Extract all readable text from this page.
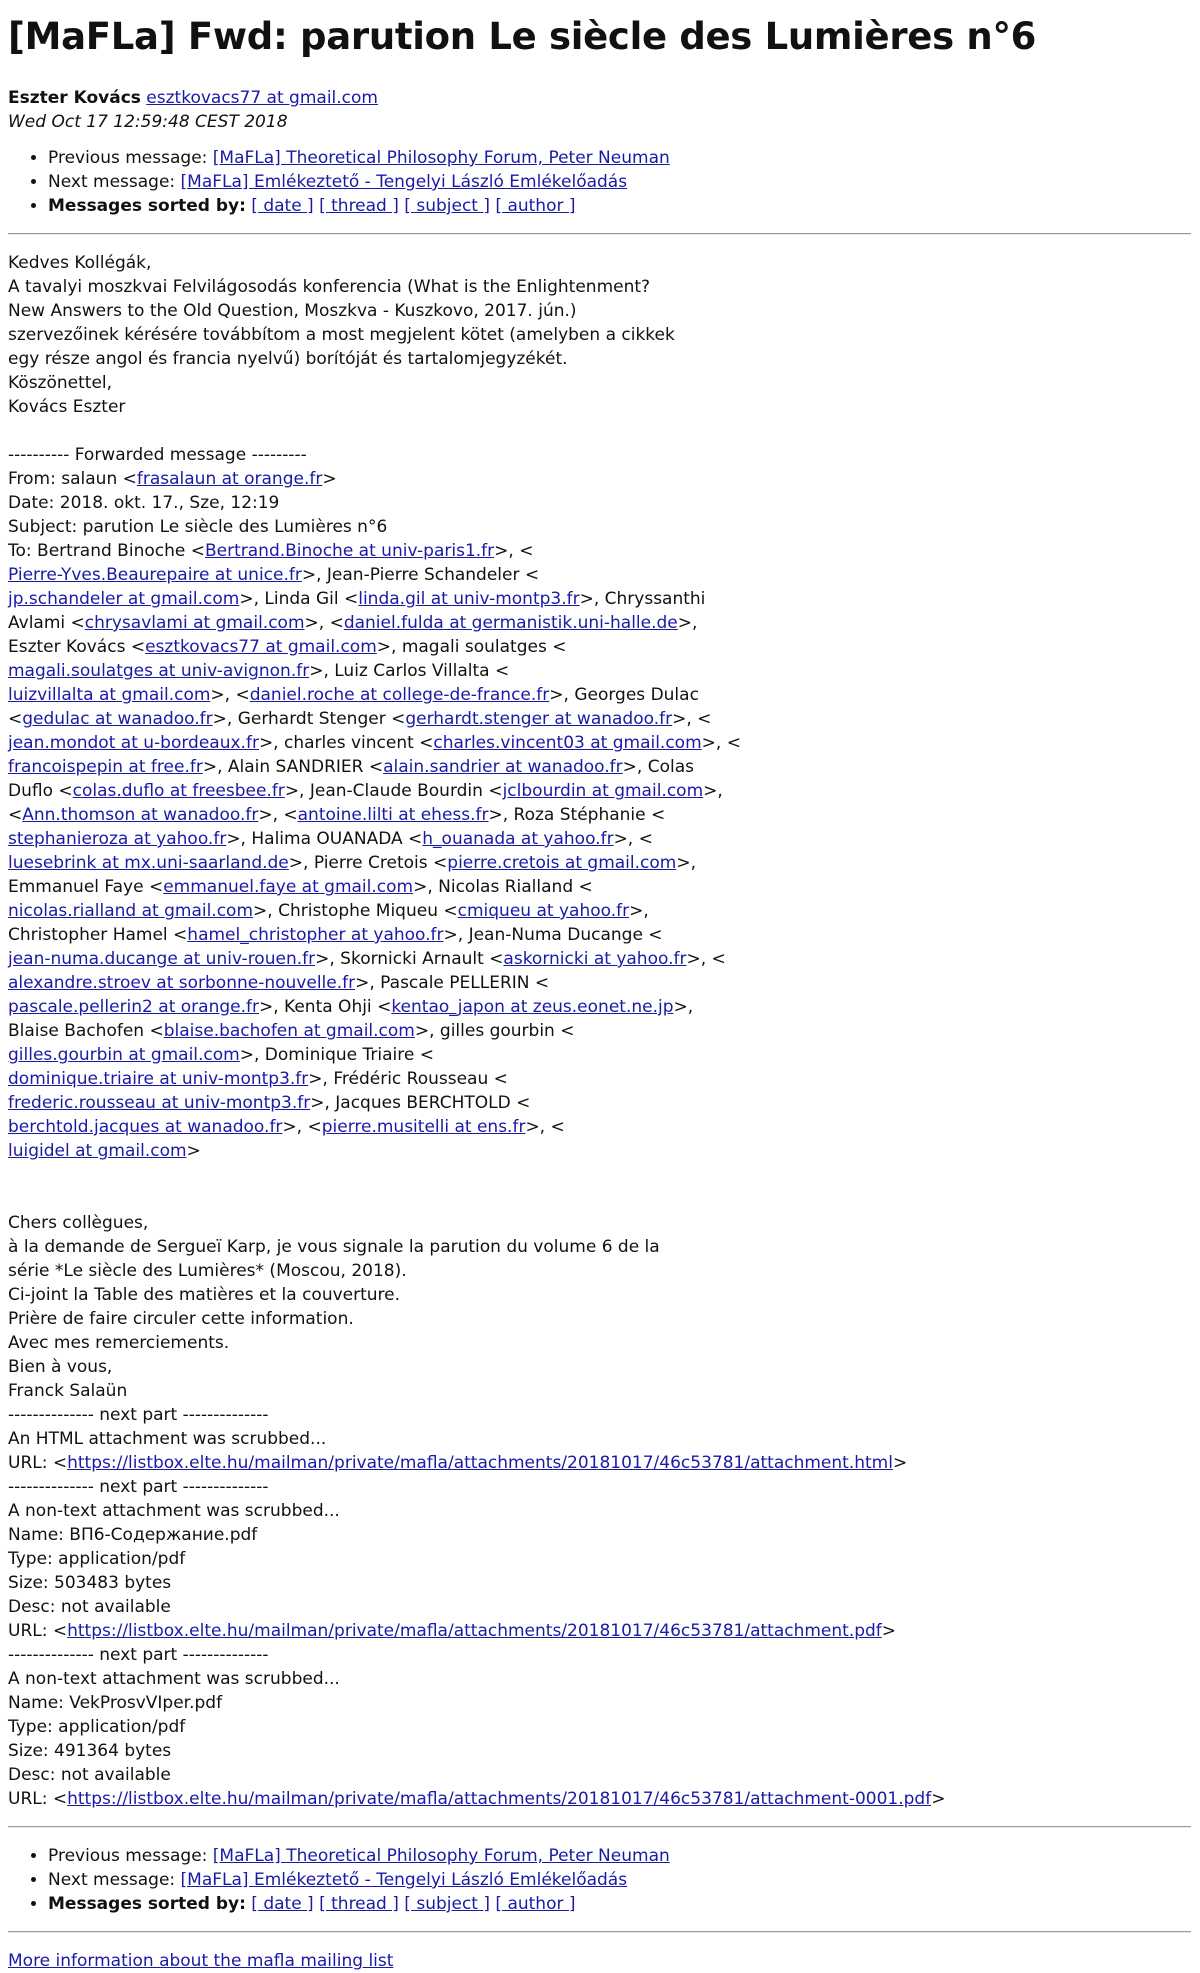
[MaFLa] Fwd: parution Le siècle des Lumières n°6
Eszter Kovács esztkovacs77 at gmail.com
Wed Oct 17 12:59:48 CEST 2018
• Previous message: [MaFLa] Theoretical Philosophy Forum, Peter Neuman
• Next message: [MaFLa] Emlékeztető - Tengelyi László Emlékelőadás
• Messages sorted by: [ date ] [ thread ] [ subject ] [ author ]
Kedves Kollégák,
A tavalyi moszkvai Felvilágosodás konferencia (What is the Enlightenment?
New Answers to the Old Question, Moszkva - Kuszkovo, 2017. jún.)
szervezőinek kérésére továbbítom a most megjelent kötet (amelyben a cikkek
egy része angol és francia nyelvű) borítóját és tartalomjegyzékét.
Köszönettel,
Kovács Eszter
---------- Forwarded message ---------
From: salaun <frasalaun at orange.fr>
Date: 2018. okt. 17., Sze, 12:19
Subject: parution Le siècle des Lumières n°6
To: Bertrand Binoche <Bertrand.Binoche at univ-paris1.fr>, <
Pierre-Yves.Beaurepaire at unice.fr>, Jean-Pierre Schandeler <
jp.schandeler at gmail.com>, Linda Gil <linda.gil at univ-montp3.fr>, Chryssanthi
Avlami <chrysavlami at gmail.com>, <daniel.fulda at germanistik.uni-halle.de>,
Eszter Kovács <esztkovacs77 at gmail.com>, magali soulatges <
magali.soulatges at univ-avignon.fr>, Luiz Carlos Villalta <
luizvillalta at gmail.com>, <daniel.roche at college-de-france.fr>, Georges Dulac
<gedulac at wanadoo.fr>, Gerhardt Stenger <gerhardt.stenger at wanadoo.fr>, <
jean.mondot at u-bordeaux.fr>, charles vincent <charles.vincent03 at gmail.com>, <
francoispepin at free.fr>, Alain SANDRIER <alain.sandrier at wanadoo.fr>, Colas
Duflo <colas.duflo at freesbee.fr>, Jean-Claude Bourdin <jclbourdin at gmail.com>,
<Ann.thomson at wanadoo.fr>, <antoine.lilti at ehess.fr>, Roza Stéphanie <
stephanieroza at yahoo.fr>, Halima OUANADA <h_ouanada at yahoo.fr>, <
luesebrink at mx.uni-saarland.de>, Pierre Cretois <pierre.cretois at gmail.com>,
Emmanuel Faye <emmanuel.faye at gmail.com>, Nicolas Rialland <
nicolas.rialland at gmail.com>, Christophe Miqueu <cmiqueu at yahoo.fr>,
Christopher Hamel <hamel_christopher at yahoo.fr>, Jean-Numa Ducange <
jean-numa.ducange at univ-rouen.fr>, Skornicki Arnault <askornicki at yahoo.fr>, <
alexandre.stroev at sorbonne-nouvelle.fr>, Pascale PELLERIN <
pascale.pellerin2 at orange.fr>, Kenta Ohji <kentao_japon at zeus.eonet.ne.jp>,
Blaise Bachofen <blaise.bachofen at gmail.com>, gilles gourbin <
gilles.gourbin at gmail.com>, Dominique Triaire <
dominique.triaire at univ-montp3.fr>, Frédéric Rousseau <
frederic.rousseau at univ-montp3.fr>, Jacques BERCHTOLD <
berchtold.jacques at wanadoo.fr>, <pierre.musitelli at ens.fr>, <
luigidel at gmail.com>
Chers collègues,
à la demande de Sergueï Karp, je vous signale la parution du volume 6 de la
série *Le siècle des Lumières* (Moscou, 2018).
Ci-joint la Table des matières et la couverture.
Prière de faire circuler cette information.
Avec mes remerciements.
Bien à vous,
Franck Salaün
-------------- next part --------------
An HTML attachment was scrubbed...
URL: <https://listbox.elte.hu/mailman/private/mafla/attachments/20181017/46c53781/attachment.html>
-------------- next part --------------
A non-text attachment was scrubbed...
Name: ВП6-Содержание.pdf
Type: application/pdf
Size: 503483 bytes
Desc: not available
URL: <https://listbox.elte.hu/mailman/private/mafla/attachments/20181017/46c53781/attachment.pdf>
-------------- next part --------------
A non-text attachment was scrubbed...
Name: VekProsvVIper.pdf
Type: application/pdf
Size: 491364 bytes
Desc: not available
URL: <https://listbox.elte.hu/mailman/private/mafla/attachments/20181017/46c53781/attachment-0001.pdf>
• Previous message: [MaFLa] Theoretical Philosophy Forum, Peter Neuman
• Next message: [MaFLa] Emlékeztető - Tengelyi László Emlékelőadás
• Messages sorted by: [ date ] [ thread ] [ subject ] [ author ]
More information about the mafla mailing list
